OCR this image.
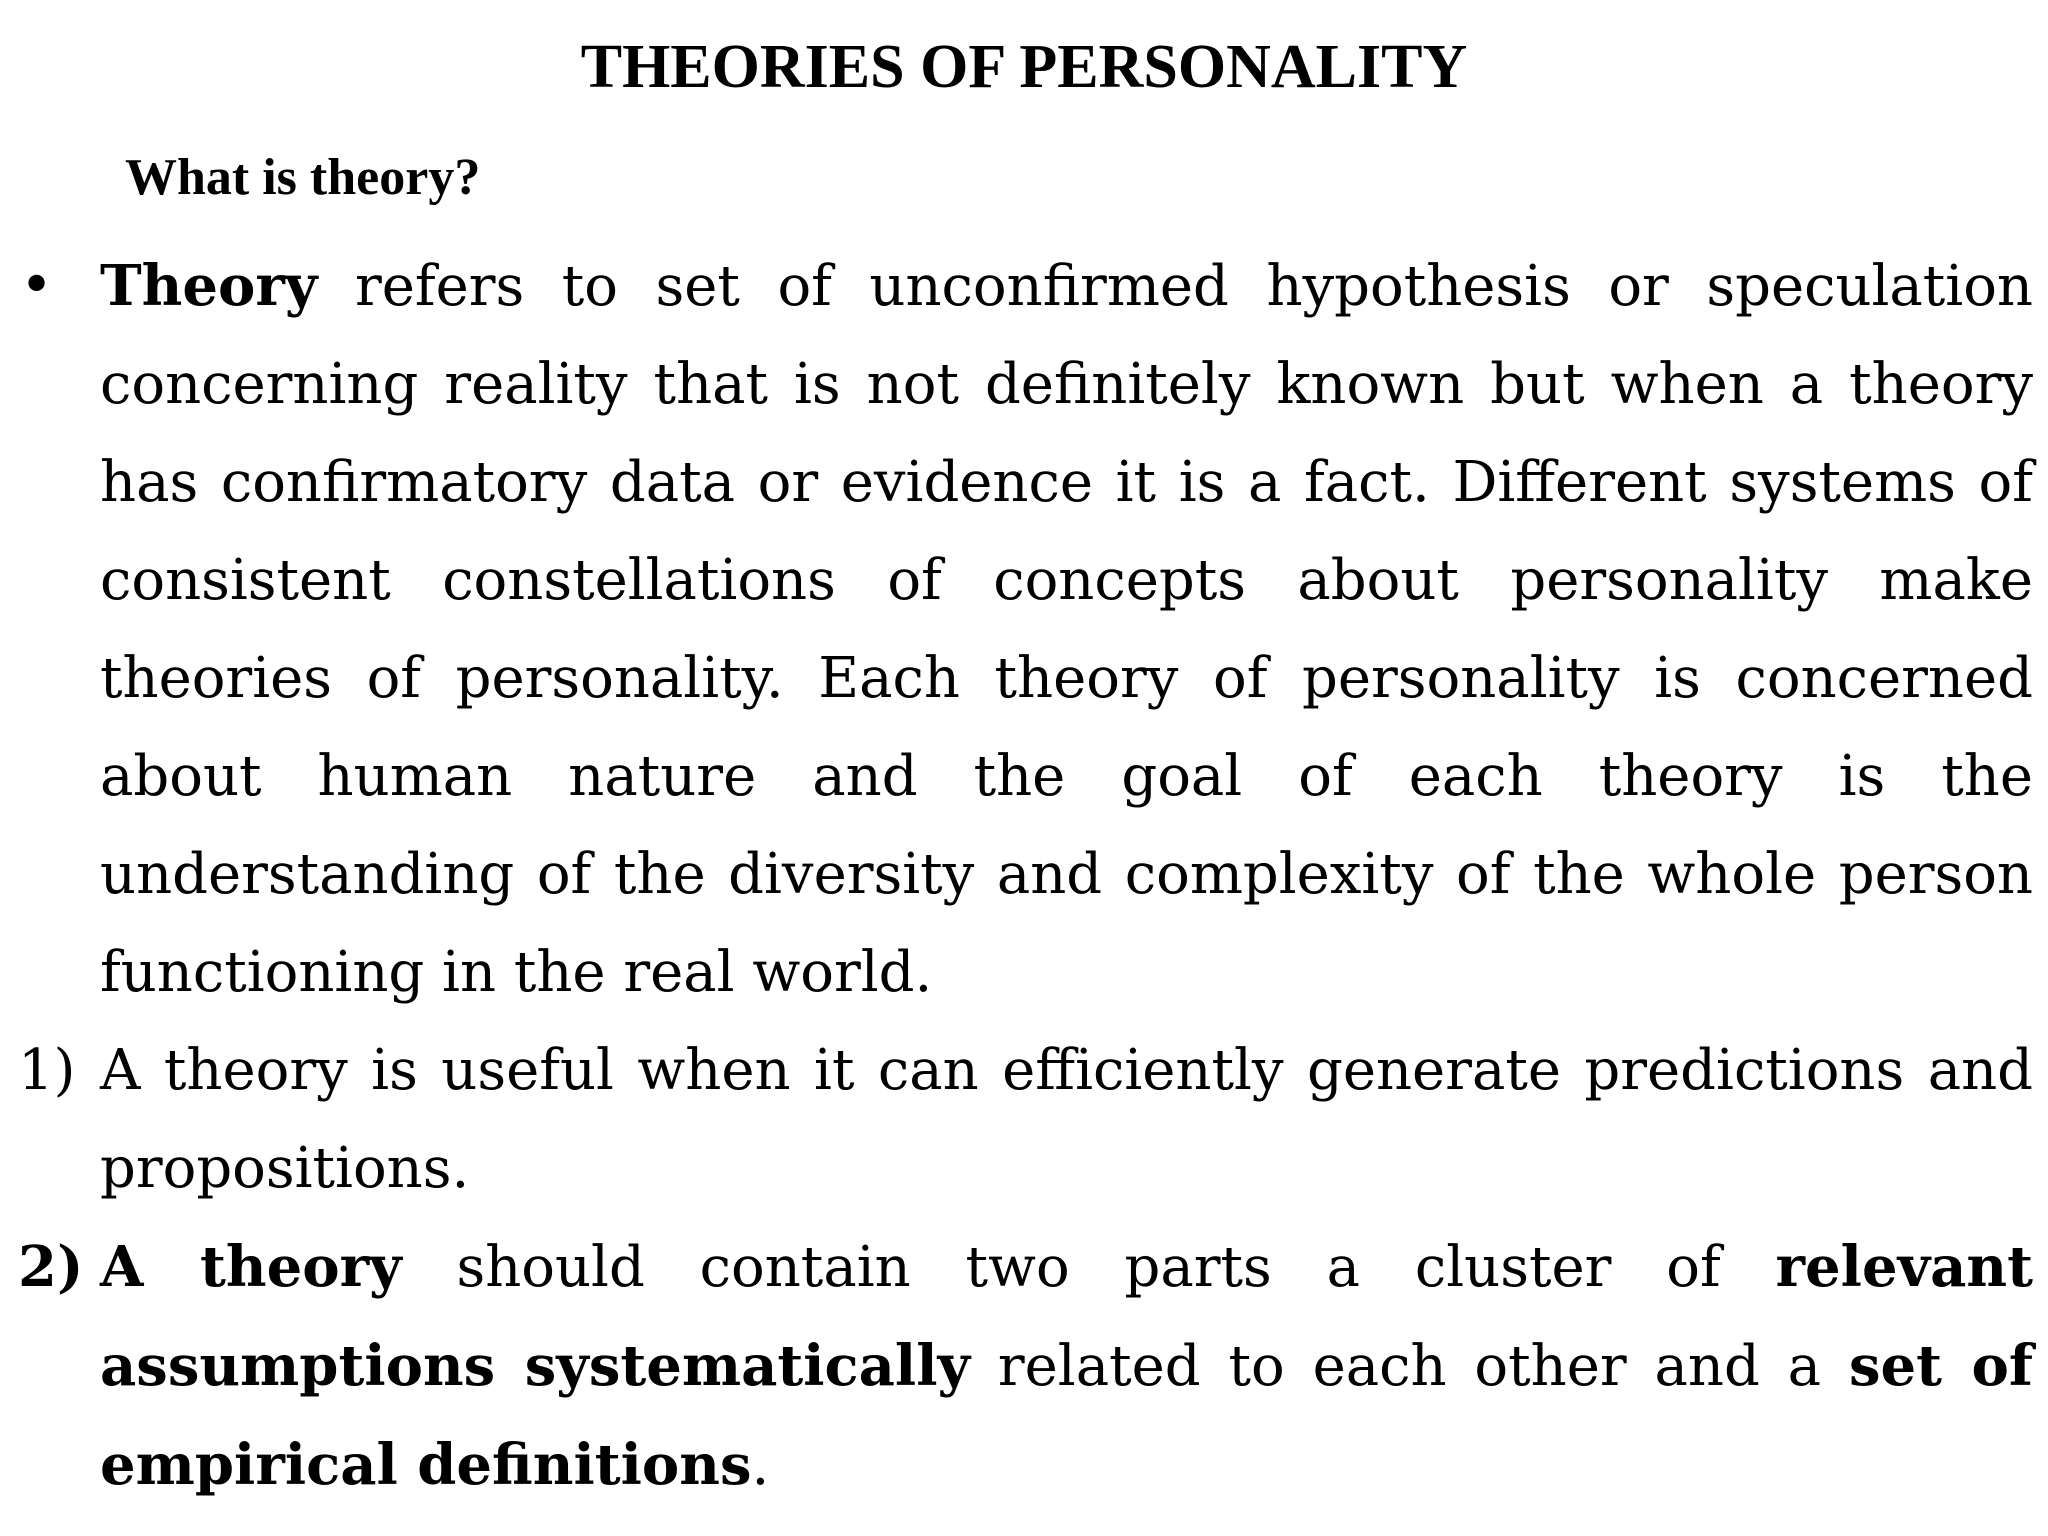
THEORIES OF PERSONALITY
What is theory?

• Theory refers to set of unconfirmed hypothesis or speculation concerning reality that is not definitely known but when a theory has confirmatory data or evidence it is a fact. Different systems of consistent constellations of concepts about personality make theories of personality. Each theory of personality is concerned about human nature and the goal of each theory is the understanding of the diversity and complexity of the whole person functioning in the real world.

1) A theory is useful when it can efficiently generate predictions and propositions.

2) A theory should contain two parts a cluster of relevant assumptions systematically related to each other and a set of empirical definitions.
